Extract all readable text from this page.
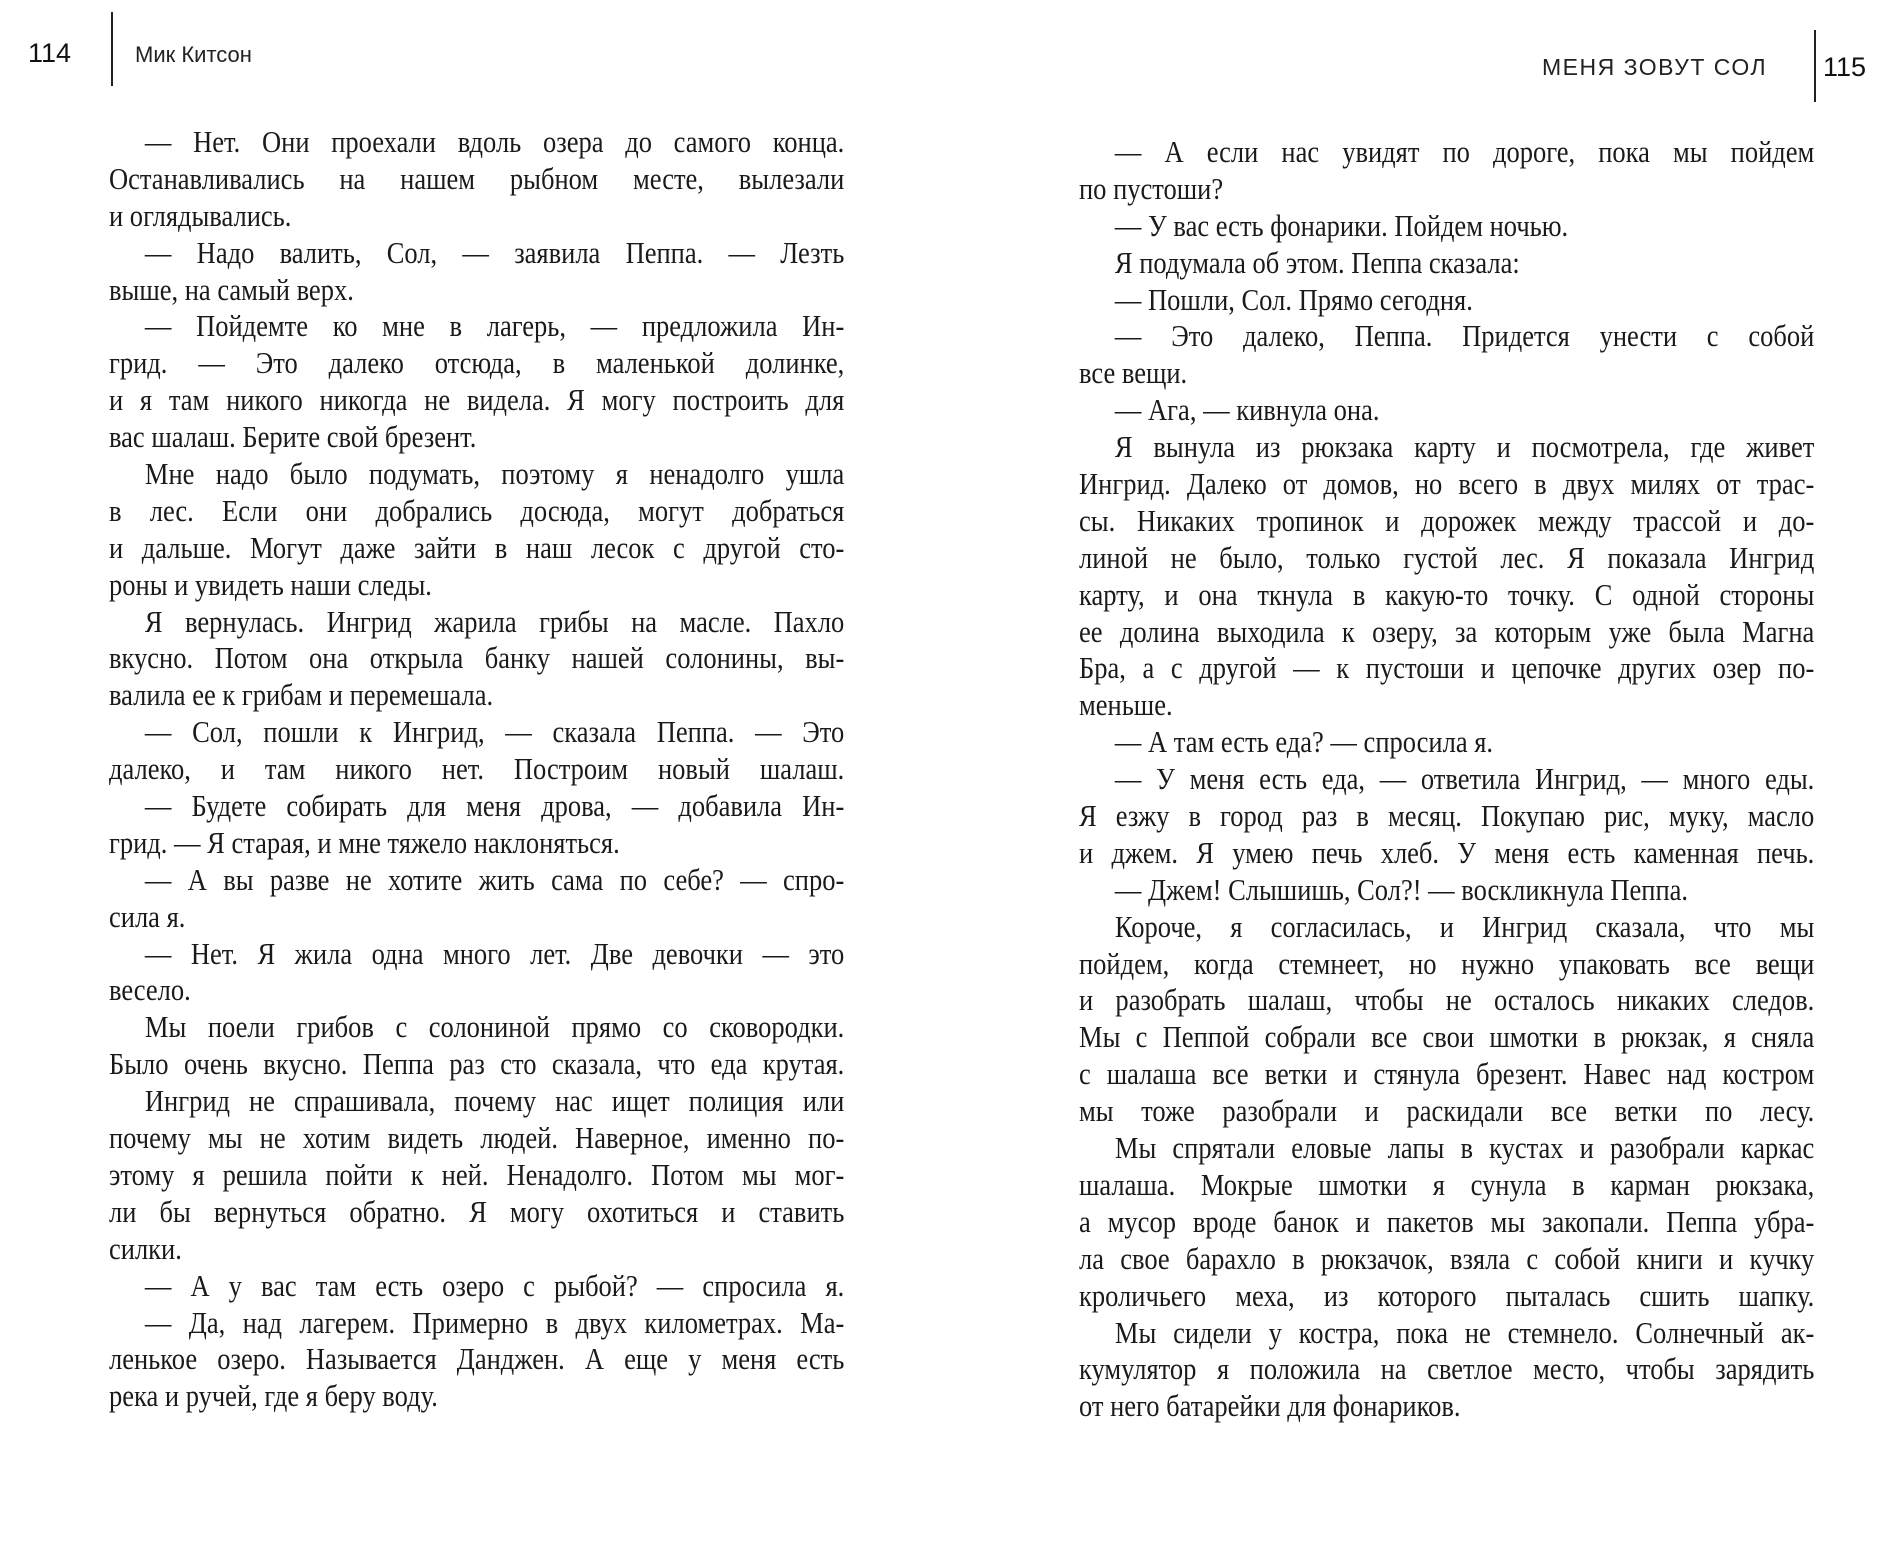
114	Мик Китсон
— Нет. Они проехали вдоль озера до самого конца.
Останавливались на нашем рыбном месте, вылезали
и оглядывались.
— Надо валить, Сол, — заявила Пеппа. — Лезть
выше, на самый верх.
— Пойдемте ко мне в лагерь, — предложила Ин-
грид. — Это далеко отсюда, в маленькой долинке,
и я там никого никогда не видела. Я могу построить для
вас шалаш. Берите свой брезент.
Мне надо было подумать, поэтому я ненадолго ушла
в лес. Если они добрались досюда, могут добраться
и дальше. Могут даже зайти в наш лесок с другой сто-
роны и увидеть наши следы.
Я вернулась. Ингрид жарила грибы на масле. Пахло
вкусно. Потом она открыла банку нашей солонины, вы-
валила ее к грибам и перемешала.
— Сол, пошли к Ингрид, — сказала Пеппа. — Это
далеко, и там никого нет. Построим новый шалаш.
— Будете собирать для меня дрова, — добавила Ин-
грид. — Я старая, и мне тяжело наклоняться.
— А вы разве не хотите жить сама по себе? — спро-
сила я.
— Нет. Я жила одна много лет. Две девочки — это
весело.
Мы поели грибов с солониной прямо со сковородки.
Было очень вкусно. Пеппа раз сто сказала, что еда крутая.
Ингрид не спрашивала, почему нас ищет полиция или
почему мы не хотим видеть людей. Наверное, именно по-
этому я решила пойти к ней. Ненадолго. Потом мы мог-
ли бы вернуться обратно. Я могу охотиться и ставить
силки.
— А у вас там есть озеро с рыбой? — спросила я.
— Да, над лагерем. Примерно в двух километрах. Ма-
ленькое озеро. Называется Данджен. А еще у меня есть
река и ручей, где я беру воду.
МЕНЯ ЗОВУТ СОЛ 115
— А если нас увидят по дороге, пока мы пойдем
по пустоши?
— У вас есть фонарики. Пойдем ночью.
Я подумала об этом. Пеппа сказала:
— Пошли, Сол. Прямо сегодня.
— Это далеко, Пеппа. Придется унести с собой
все вещи.
— Ага, — кивнула она.
Я вынула из рюкзака карту и посмотрела, где живет
Ингрид. Далеко от домов, но всего в двух милях от трас-
сы. Никаких тропинок и дорожек между трассой и до-
линой не было, только густой лес. Я показала Ингрид
карту, и она ткнула в какую-то точку. С одной стороны
ее долина выходила к озеру, за которым уже была Магна
Бра, а с другой — к пустоши и цепочке других озер по-
меньше.
— А там есть еда? — спросила я.
— У меня есть еда, — ответила Ингрид, — много еды.
Я езжу в город раз в месяц. Покупаю рис, муку, масло
и джем. Я умею печь хлеб. У меня есть каменная печь.
— Джем! Слышишь, Сол?! — воскликнула Пеппа.
Короче, я согласилась, и Ингрид сказала, что мы
пойдем, когда стемнеет, но нужно упаковать все вещи
и разобрать шалаш, чтобы не осталось никаких следов.
Мы с Пеппой собрали все свои шмотки в рюкзак, я сняла
с шалаша все ветки и стянула брезент. Навес над костром
мы тоже разобрали и раскидали все ветки по лесу.
Мы спрятали еловые лапы в кустах и разобрали каркас
шалаша. Мокрые шмотки я сунула в карман рюкзака,
а мусор вроде банок и пакетов мы закопали. Пеппа убра-
ла свое барахло в рюкзачок, взяла с собой книги и кучку
кроличьего меха, из которого пыталась сшить шапку.
Мы сидели у костра, пока не стемнело. Солнечный ак-
кумулятор я положила на светлое место, чтобы зарядить
от него батарейки для фонариков.
